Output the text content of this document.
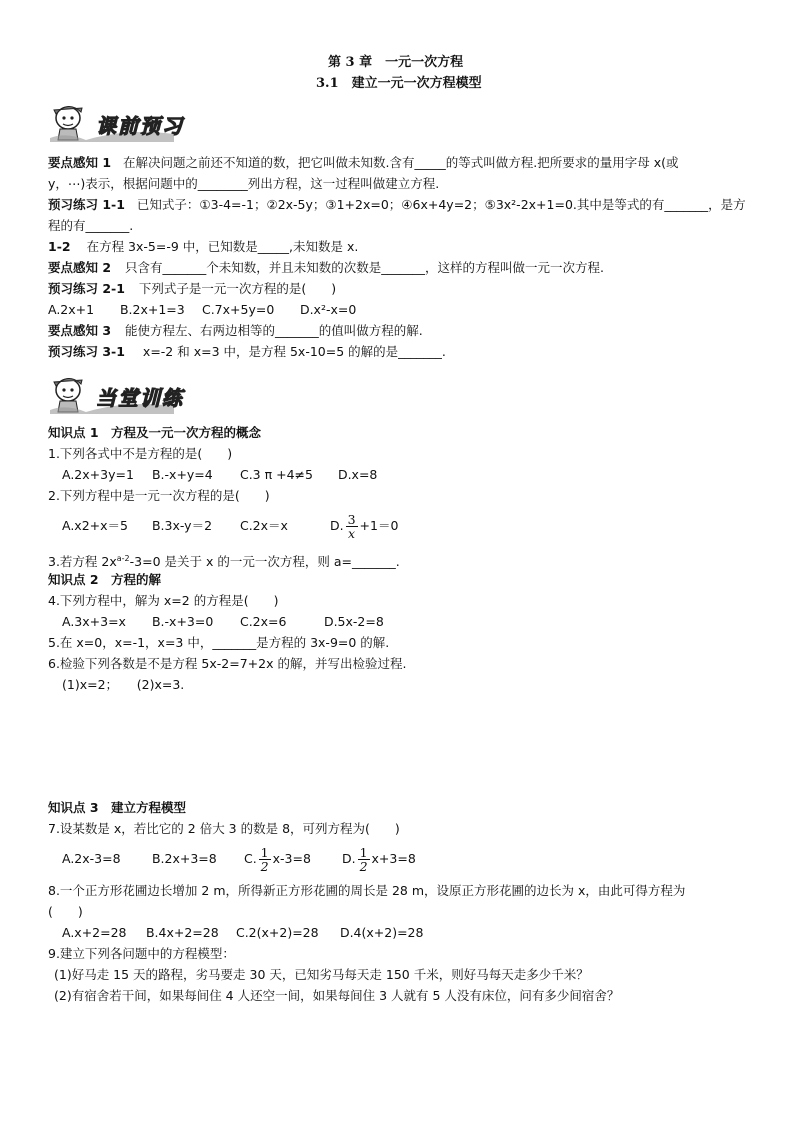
第 3 章　一元一次方程
3.1　建立一元一次方程模型
课前预习
要点感知 1 在解决问题之前还不知道的数，把它叫做未知数.含有_____的等式叫做方程.把所要求的量用字母 x(或
y，⋯)表示，根据问题中的________列出方程，这一过程叫做建立方程.
预习练习 1-1 已知式子：①3-4=-1；②2x-5y；③1+2x=0；④6x+4y=2；⑤3x²-2x+1=0.其中是等式的有_______，是方
程的有_______.
1-2 在方程 3x-5=-9 中，已知数是_____,未知数是 x.
要点感知 2 只含有_______个未知数，并且未知数的次数是_______，这样的方程叫做一元一次方程.
预习练习 2-1 下列式子是一元一次方程的是(　　)
A.2x+1 B.2x+1=3 C.7x+5y=0 D.x²-x=0
要点感知 3 能使方程左、右两边相等的_______的值叫做方程的解.
预习练习 3-1 x=-2 和 x=3 中，是方程 5x-10=5 的解的是_______.
当堂训练
知识点 1　方程及一元一次方程的概念
1.下列各式中不是方程的是(　　)
A.2x+3y=1 B.-x+y=4 C.3 π +4≠5 D.x=8
2.下列方程中是一元一次方程的是(　　)
A.x2+x＝5 B.3x-y＝2 C.2x＝x	D. $\frac{3}{x} +1=0$
3.若方程 $2x^{a-2}-3=0$ 是关于 x 的一元一次方程，则 a=_______.
知识点 2　方程的解
4.下列方程中，解为 x=2 的方程是(　　)
A.3x+3=x B.-x+3=0 C.2x=6	D.5x-2=8
5.在 x=0，x=-1，x=3 中，_______是方程的 3x-9=0 的解.
6.检验下列各数是不是方程 5x-2=7+2x 的解，并写出检验过程.
(1)x=2；　　(2)x=3.
知识点 3　建立方程模型
7.设某数是 x，若比它的 2 倍大 3 的数是 8，可列方程为(　　)
A.2x-3=8	B.2x+3=8 C. $\frac{1}{2} x-3=8$ D. $\frac{1}{2} x+3=8$
8.一个正方形花圃边长增加 2 m，所得新正方形花圃的周长是 28 m，设原正方形花圃的边长为 x，由此可得方程为
(　　)
A.x+2=28 B.4x+2=28 C.2(x+2)=28 D.4(x+2)=28
9.建立下列各问题中的方程模型：
(1)好马走 15 天的路程，劣马要走 30 天，已知劣马每天走 150 千米，则好马每天走多少千米？
(2)有宿舍若干间，如果每间住 4 人还空一间，如果每间住 3 人就有 5 人没有床位，问有多少间宿舍？
